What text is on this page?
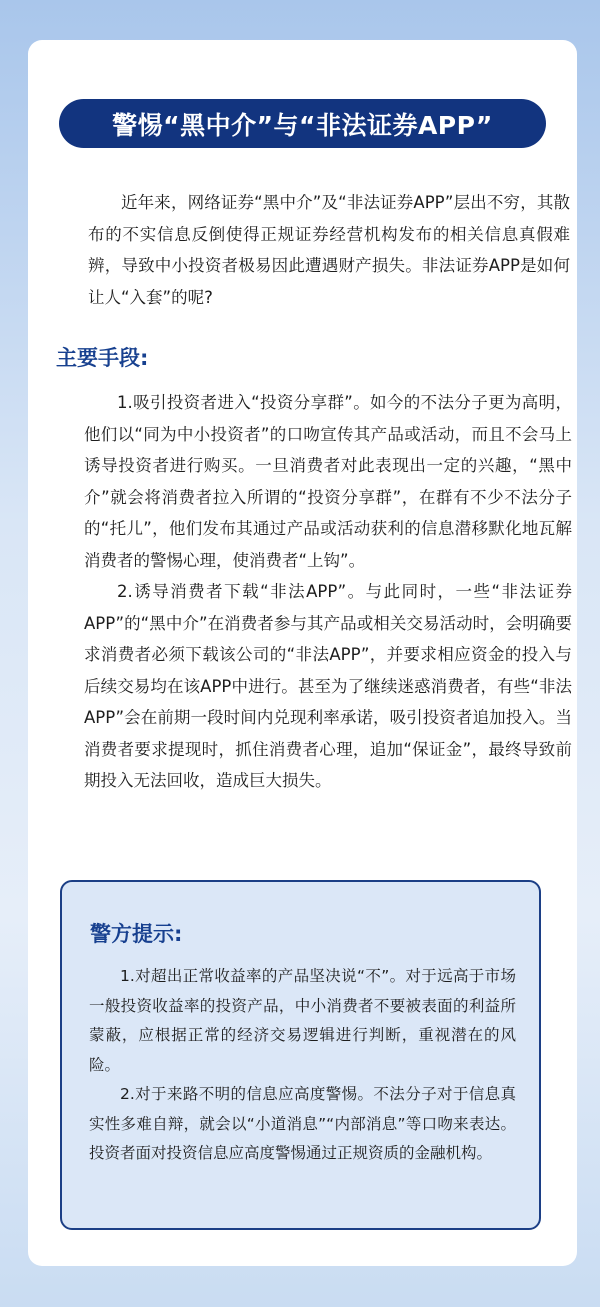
警惕“黑中介”与“非法证券APP”

近年来，网络证券“黑中介”及“非法证券APP”层出不穷，其散布的不实信息反倒使得正规证券经营机构发布的相关信息真假难辨，导致中小投资者极易因此遭遇财产损失。非法证券APP是如何让人“入套”的呢?

主要手段:

1.吸引投资者进入“投资分享群”。如今的不法分子更为高明，他们以“同为中小投资者”的口吻宣传其产品或活动，而且不会马上诱导投资者进行购买。一旦消费者对此表现出一定的兴趣，“黑中介”就会将消费者拉入所谓的“投资分享群”，在群有不少不法分子的“托儿”，他们发布其通过产品或活动获利的信息潜移默化地瓦解消费者的警惕心理，使消费者“上钩”。

2.诱导消费者下载“非法APP”。与此同时，一些“非法证券APP”的“黑中介”在消费者参与其产品或相关交易活动时，会明确要求消费者必须下载该公司的“非法APP”，并要求相应资金的投入与后续交易均在该APP中进行。甚至为了继续迷惑消费者，有些“非法APP”会在前期一段时间内兑现利率承诺，吸引投资者追加投入。当消费者要求提现时，抓住消费者心理，追加“保证金”，最终导致前期投入无法回收，造成巨大损失。

警方提示:

1.对超出正常收益率的产品坚决说“不”。对于远高于市场一般投资收益率的投资产品，中小消费者不要被表面的利益所蒙蔽，应根据正常的经济交易逻辑进行判断，重视潜在的风险。

2.对于来路不明的信息应高度警惕。不法分子对于信息真实性多难自辩，就会以“小道消息”“内部消息”等口吻来表达。投资者面对投资信息应高度警惕通过正规资质的金融机构。
